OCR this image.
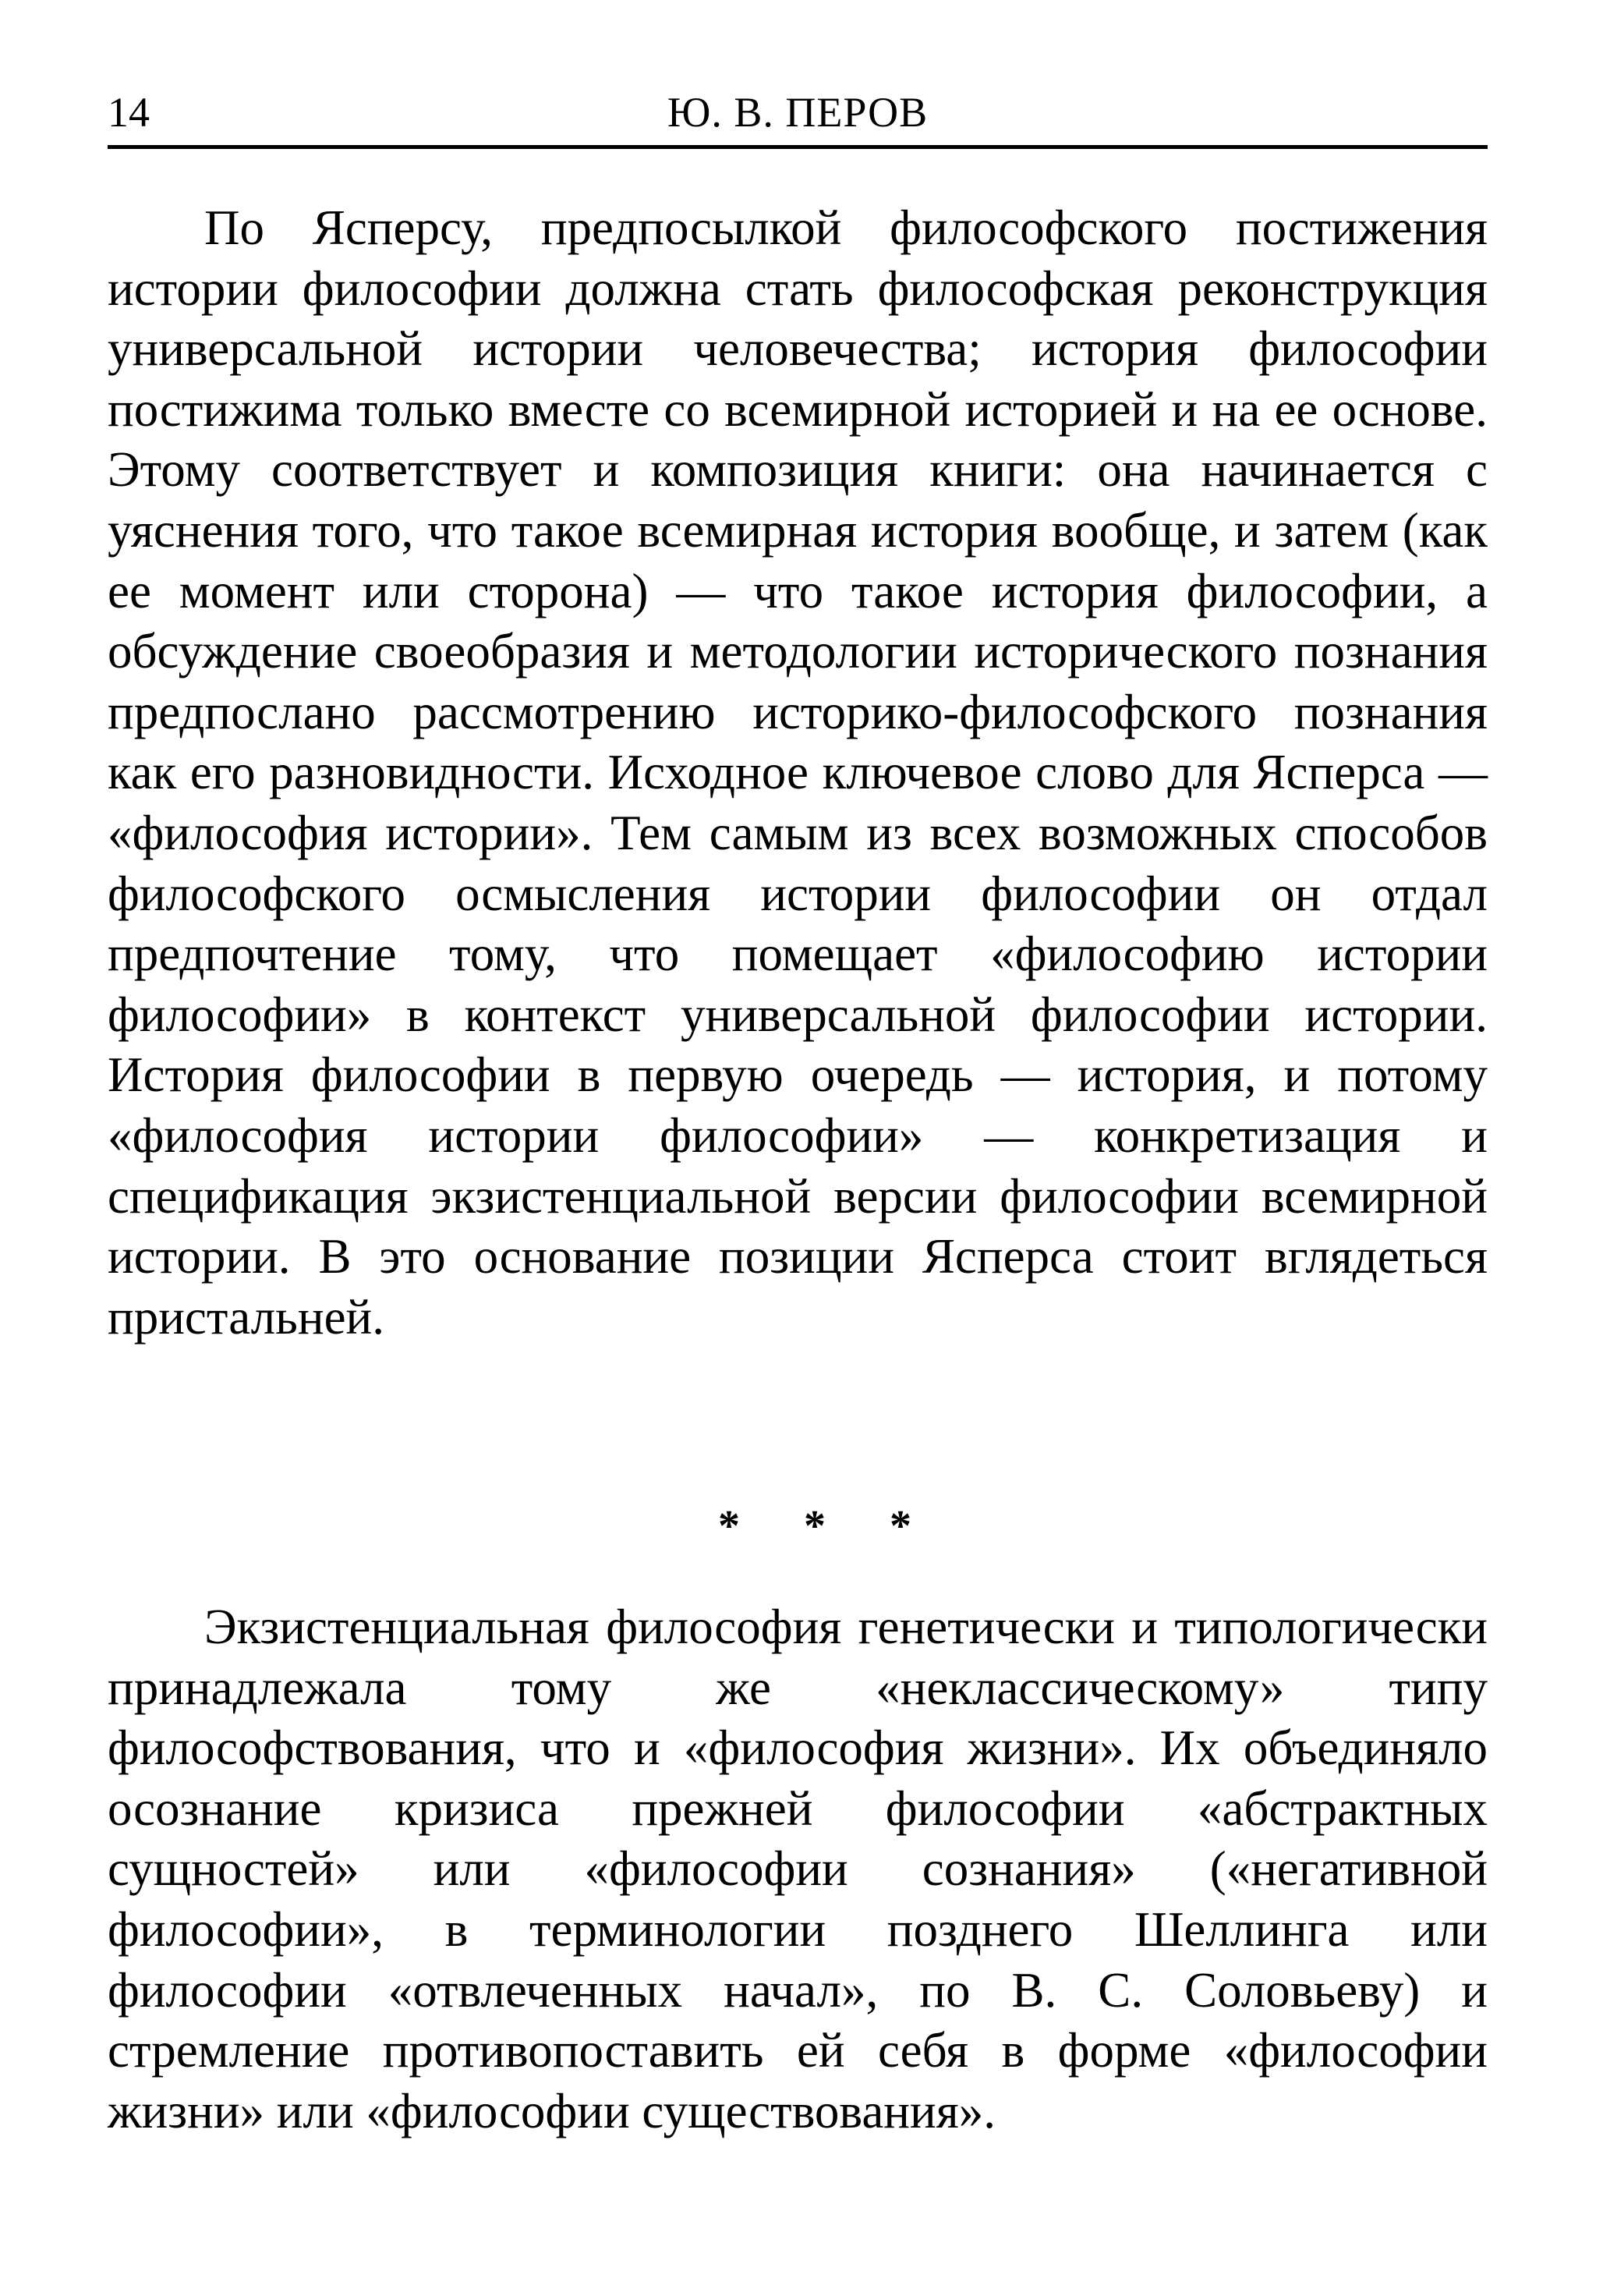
14	Ю. В. ПЕРОВ

По Ясперсу, предпосылкой философского постижения истории философии должна стать философская реконструкция универсальной истории человечества; история философии постижима только вместе со всемирной историей и на ее основе. Этому соответствует и композиция книги: она начинается с уяснения того, что такое всемирная история вообще, и затем (как ее момент или сторона) — что такое история философии, а обсуждение своеобразия и методологии исторического познания предпослано рассмотрению историко-философского познания как его разновидности. Исходное ключевое слово для Ясперса — «философия истории». Тем самым из всех возможных способов философского осмысления истории философии он отдал предпочтение тому, что помещает «философию истории философии» в контекст универсальной философии истории. История философии в первую очередь — история, и потому «философия истории философии» — конкретизация и спецификация экзистенциальной версии философии всемирной истории. В это основание позиции Ясперса стоит вглядеться пристальней.

* * *

Экзистенциальная философия генетически и типологически принадлежала тому же «неклассическому» типу философствования, что и «философия жизни». Их объединяло осознание кризиса прежней философии «абстрактных сущностей» или «философии сознания» («негативной философии», в терминологии позднего Шеллинга или философии «отвлеченных начал», по В. С. Соловьеву) и стремление противопоставить ей себя в форме «философии жизни» или «философии существования».
